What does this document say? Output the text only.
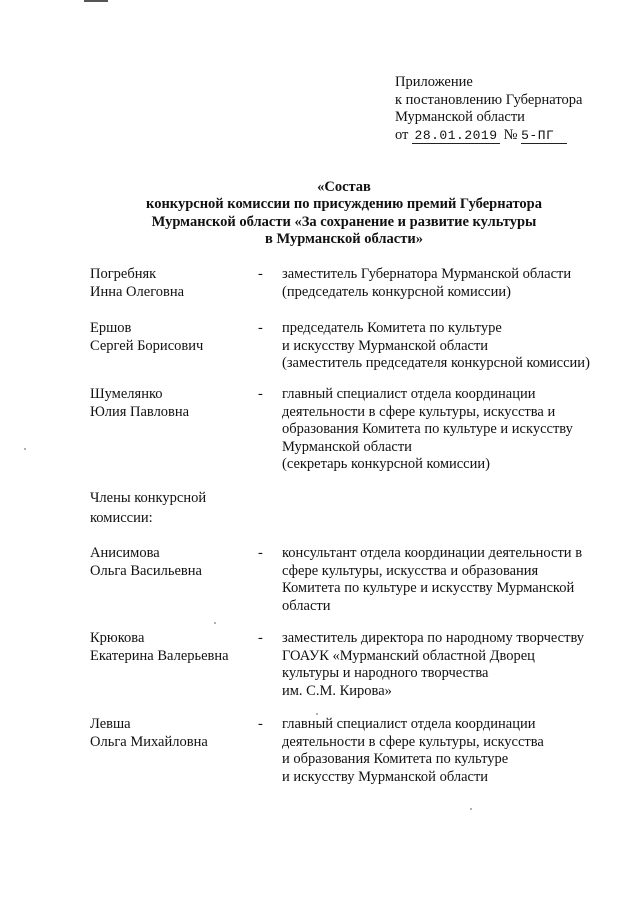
Приложение
к постановлению Губернатора
Мурманской области
от 28.01.2019 № 5-ПГ
«Состав
конкурсной комиссии по присуждению премий Губернатора
Мурманской области «За сохранение и развитие культуры
в Мурманской области»
Погребняк
Инна Олеговна
- заместитель Губернатора Мурманской области
(председатель конкурсной комиссии)
Ершов
Сергей Борисович
- председатель Комитета по культуре
и искусству Мурманской области
(заместитель председателя конкурсной комиссии)
Шумелянко
Юлия Павловна
- главный специалист отдела координации
деятельности в сфере культуры, искусства и
образования Комитета по культуре и искусству
Мурманской области
(секретарь конкурсной комиссии)
Члены конкурсной
комиссии:
Анисимова
Ольга Васильевна
- консультант отдела координации деятельности в
сфере культуры, искусства и образования
Комитета по культуре и искусству Мурманской
области
Крюкова
Екатерина Валерьевна
- заместитель директора по народному творчеству
ГОАУК «Мурманский областной Дворец
культуры и народного творчества
им. С.М. Кирова»
Левша
Ольга Михайловна
- главный специалист отдела координации
деятельности в сфере культуры, искусства
и образования Комитета по культуре
и искусству Мурманской области
